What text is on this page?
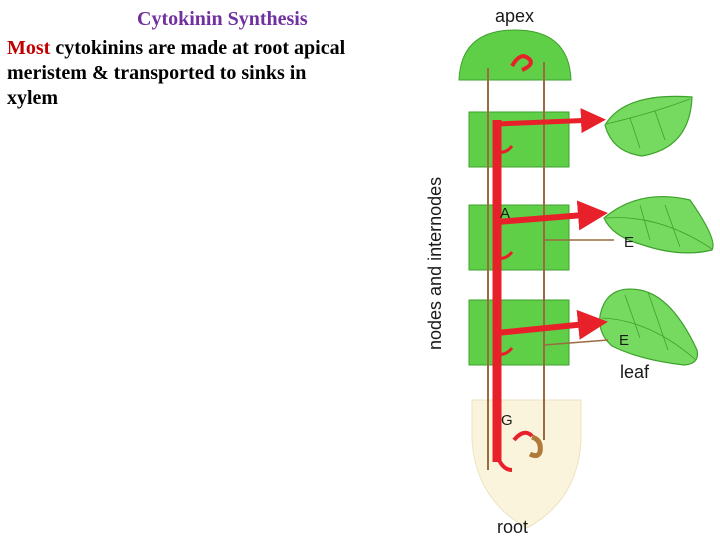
Cytokinin Synthesis
Most cytokinins are made at root apical meristem & transported to sinks in xylem
apex
nodes and internodes	A
E
E
leaf
G
root
